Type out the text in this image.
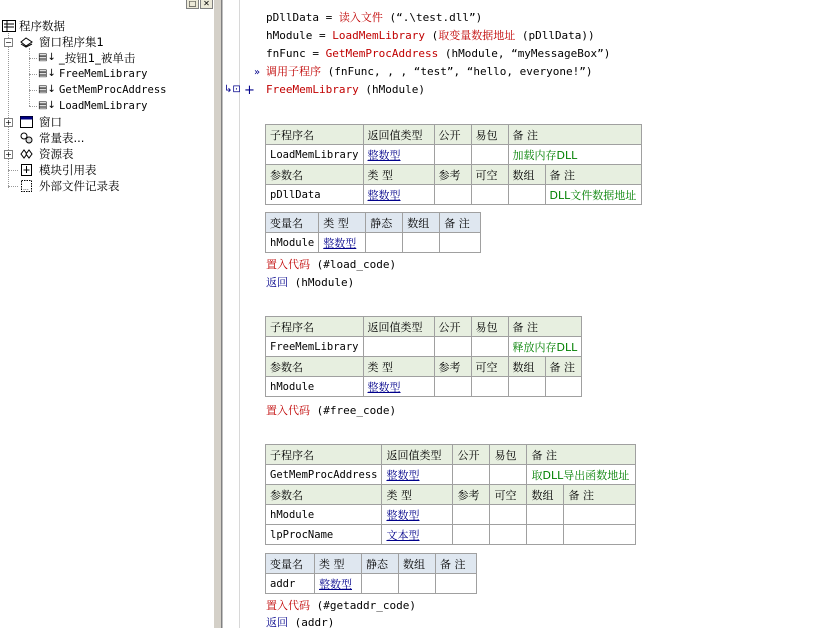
□ ✕
程序数据
− 窗口程序集1
▤↓ _按钮1_被单击
▤↓ FreeMemLibrary
▤↓ GetMemProcAddress
▤↓ LoadMemLibrary
+ 窗口
常量表...
+ 资源表
模块引用表
... 外部文件记录表
pDllData = 读入文件 (“.\test.dll”)
hModule = LoadMemLibrary (取变量数据地址 (pDllData))
fnFunc = GetMemProcAddress (hModule, “myMessageBox”)
» 调用子程序 (fnFunc, , , “test”, “hello, everyone!”)
↳⊡ + FreeMemLibrary (hModule)
子程序名	返回值类型	公开	易包	备 注	
LoadMemLibrary	整数型			加载内存DLL	
参数名	类 型	参考	可空	数组	备 注
pDllData	整数型				DLL文件数据地址
变量名	类 型	静态	数组	备 注
hModule	整数型			
置入代码 (#load_code)
返回 (hModule)
子程序名	返回值类型	公开	易包	备 注	
FreeMemLibrary				释放内存DLL	
参数名	类 型	参考	可空	数组	备 注
hModule	整数型				
置入代码 (#free_code)
子程序名	返回值类型	公开	易包	备 注	
GetMemProcAddress	整数型			取DLL导出函数地址	
参数名	类 型	参考	可空	数组	备 注
hModule	整数型				
lpProcName	文本型				
变量名	类 型	静态	数组	备 注
addr	整数型			
置入代码 (#getaddr_code)
返回 (addr)
